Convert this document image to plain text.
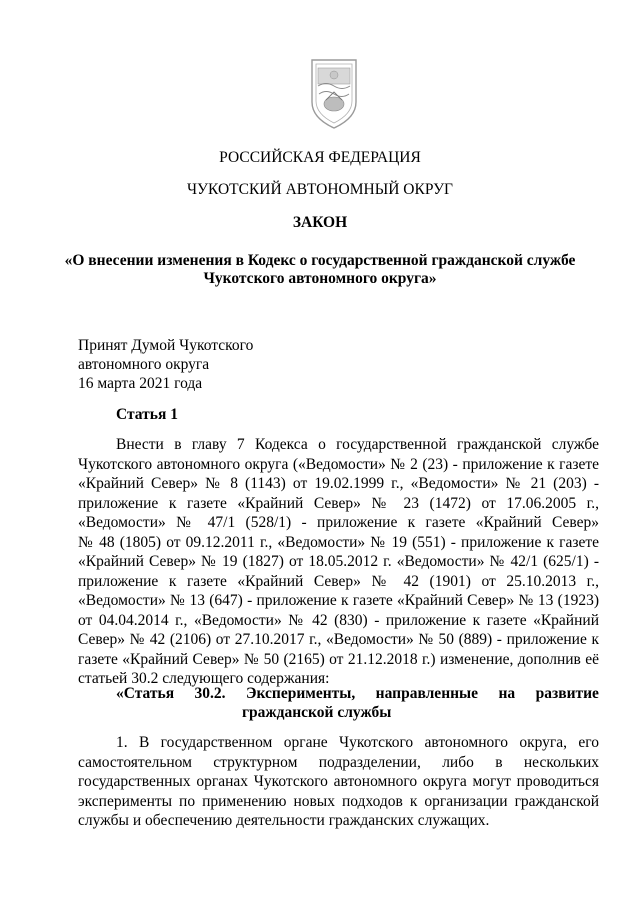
РОССИЙСКАЯ ФЕДЕРАЦИЯ
ЧУКОТСКИЙ АВТОНОМНЫЙ ОКРУГ
ЗАКОН
«О внесении изменения в Кодекс о государственной гражданской службе
Чукотского автономного округа»
Принят Думой Чукотского
автономного округа
16 марта 2021 года
Статья 1
Внести в главу 7 Кодекса о государственной гражданской службе
Чукотского автономного округа («Ведомости» № 2 (23) - приложение к газете
«Крайний Север» № 8 (1143) от 19.02.1999 г., «Ведомости» № 21 (203) -
приложение к газете «Крайний Север» № 23 (1472) от 17.06.2005 г.,
«Ведомости» № 47/1 (528/1) - приложение к газете «Крайний Север»
№ 48 (1805) от 09.12.2011 г., «Ведомости» № 19 (551) - приложение к газете
«Крайний Север» № 19 (1827) от 18.05.2012 г. «Ведомости» № 42/1 (625/1) -
приложение к газете «Крайний Север» № 42 (1901) от 25.10.2013 г.,
«Ведомости» № 13 (647) - приложение к газете «Крайний Север» № 13 (1923)
от 04.04.2014 г., «Ведомости» № 42 (830) - приложение к газете «Крайний
Север» № 42 (2106) от 27.10.2017 г., «Ведомости» № 50 (889) - приложение к
газете «Крайний Север» № 50 (2165) от 21.12.2018 г.) изменение, дополнив её
статьей 30.2 следующего содержания:
«Статья 30.2. Эксперименты, направленные на развитие
гражданской службы
1. В государственном органе Чукотского автономного округа, его
самостоятельном структурном подразделении, либо в нескольких
государственных органах Чукотского автономного округа могут проводиться
эксперименты по применению новых подходов к организации гражданской
службы и обеспечению деятельности гражданских служащих.
